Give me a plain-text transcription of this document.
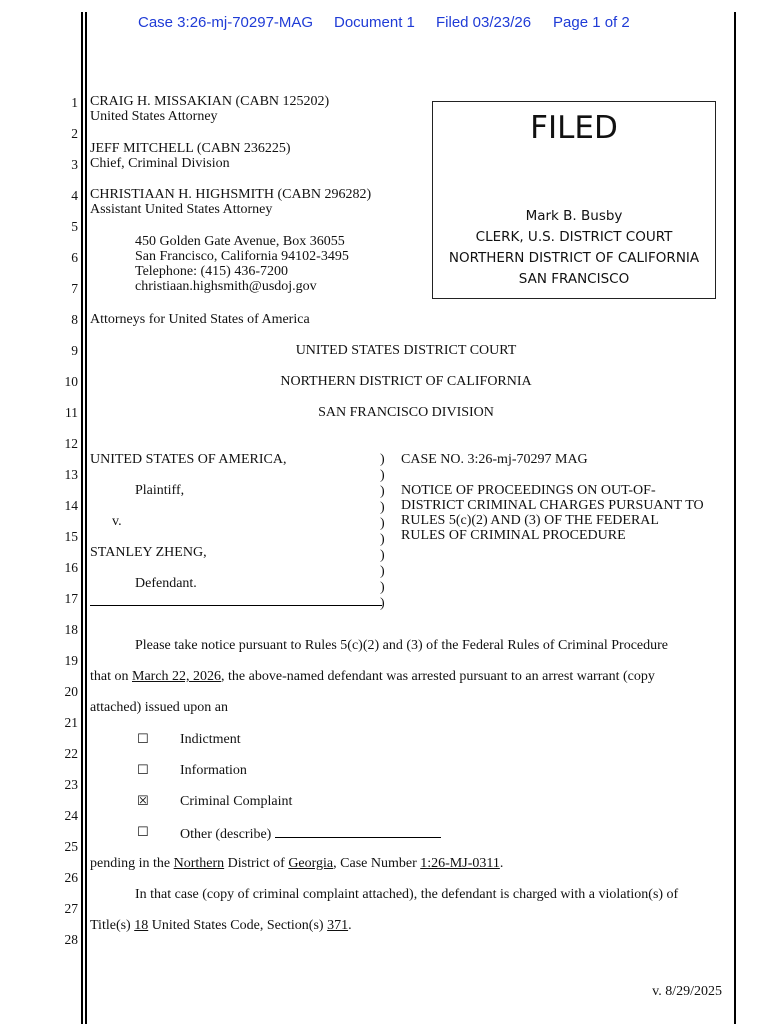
Case 3:26-mj-70297-MAG Document 1 Filed 03/23/26 Page 1 of 2
1
2
3
4
5
6
7
8
9
10
11
12
13
14
15
16
17
18
19
20
21
22
23
24
25
26
27
28
CRAIG H. MISSAKIAN (CABN 125202)
United States Attorney
JEFF MITCHELL (CABN 236225)
Chief, Criminal Division
CHRISTIAAN H. HIGHSMITH (CABN 296282)
Assistant United States Attorney
450 Golden Gate Avenue, Box 36055
San Francisco, California 94102-3495
Telephone: (415) 436-7200
christiaan.highsmith@usdoj.gov
Attorneys for United States of America
FILED
Mark B. Busby
CLERK, U.S. DISTRICT COURT
NORTHERN DISTRICT OF CALIFORNIA
SAN FRANCISCO
UNITED STATES DISTRICT COURT
NORTHERN DISTRICT OF CALIFORNIA
SAN FRANCISCO DIVISION
UNITED STATES OF AMERICA,
Plaintiff,
v.
STANLEY ZHENG,
Defendant.
)
)
)
)
)
)
)
)
)
)
CASE NO. 3:26-mj-70297 MAG
NOTICE OF PROCEEDINGS ON OUT-OF-
DISTRICT CRIMINAL CHARGES PURSUANT TO
RULES 5(c)(2) AND (3) OF THE FEDERAL
RULES OF CRIMINAL PROCEDURE
Please take notice pursuant to Rules 5(c)(2) and (3) of the Federal Rules of Criminal Procedure
that on March 22, 2026, the above-named defendant was arrested pursuant to an arrest warrant (copy
attached) issued upon an
☐ Indictment
☐ Information
☒ Criminal Complaint
☐ Other (describe)
pending in the Northern District of Georgia, Case Number 1:26-MJ-0311.
In that case (copy of criminal complaint attached), the defendant is charged with a violation(s) of
Title(s) 18 United States Code, Section(s) 371.
v. 8/29/2025
